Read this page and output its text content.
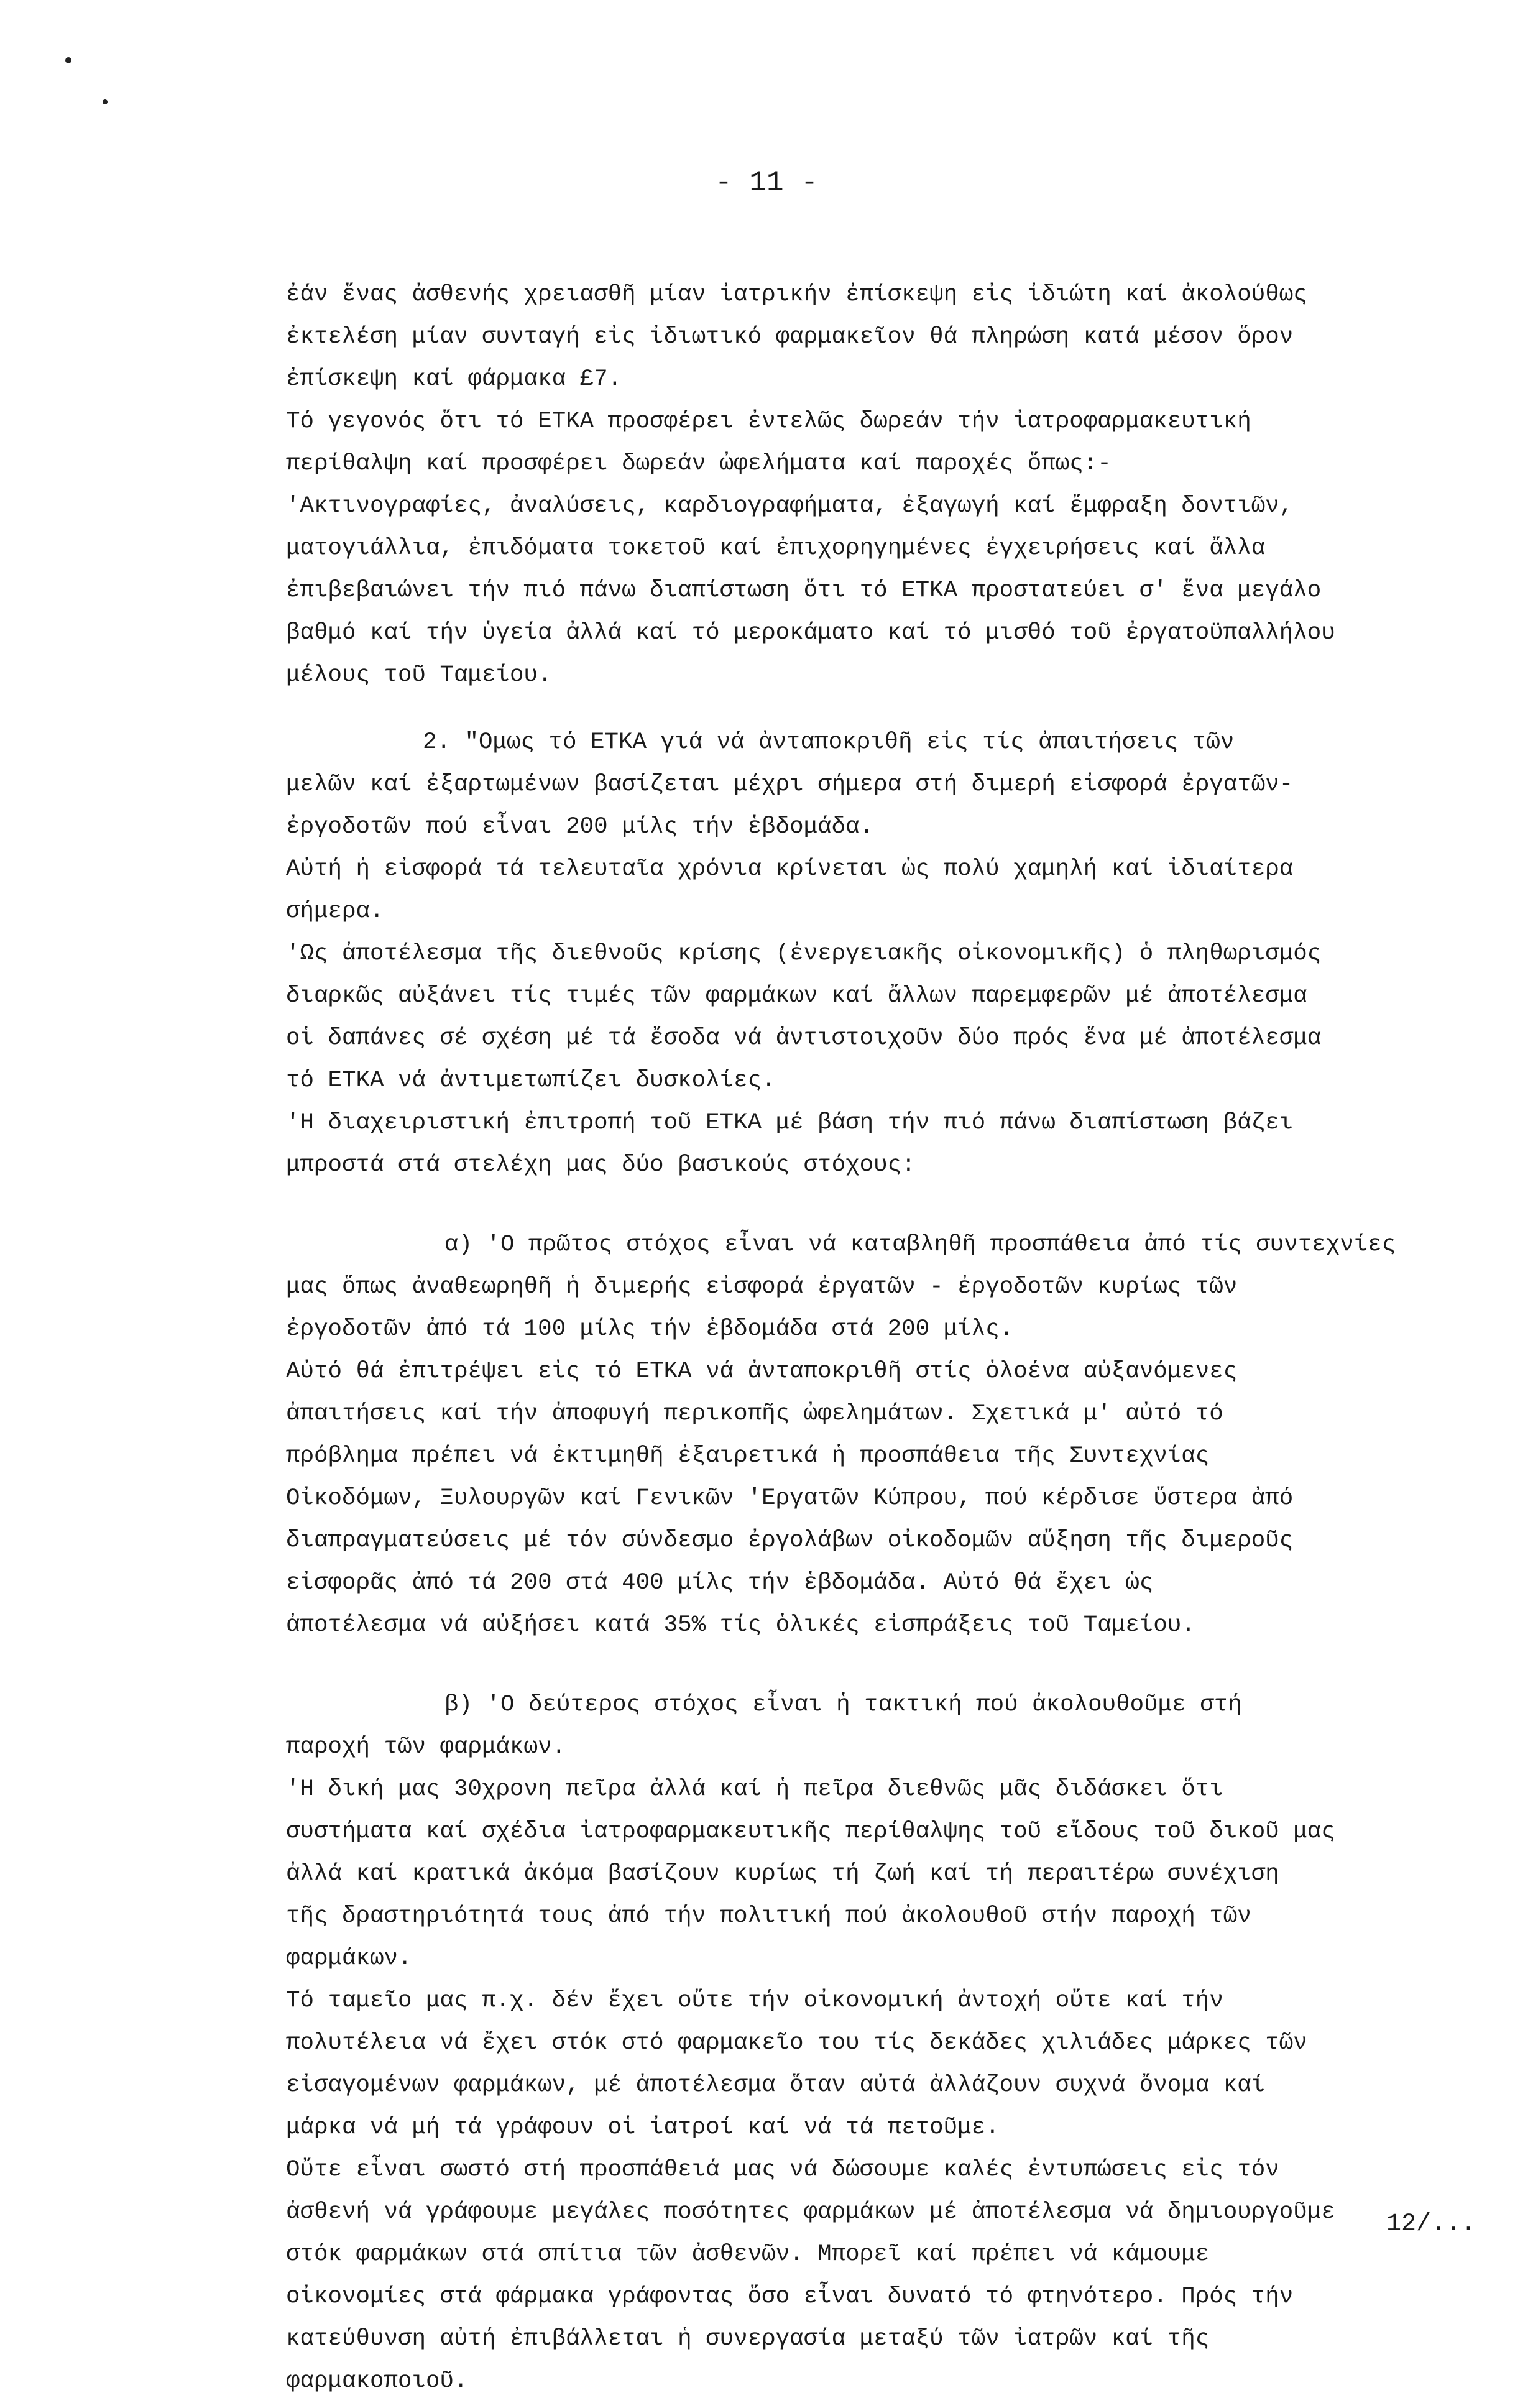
- 11 -
ἐάν ἕνας ἀσθενής χρειασθῆ μίαν ἰατρικήν ἐπίσκεψη εἰς ἰδιώτη καί ἀκολούθως
ἐκτελέση μίαν συνταγή εἰς ἰδιωτικό φαρμακεῖον θά πληρώση κατά μέσον ὅρον
ἐπίσκεψη καί φάρμακα £7.
Τό γεγονός ὅτι τό ΕΤΚΑ προσφέρει ἐντελῶς δωρεάν τήν ἰατροφαρμακευτική
περίθαλψη καί προσφέρει δωρεάν ὠφελήματα καί παροχές ὅπως:-
'Ακτινογραφίες, ἀναλύσεις, καρδιογραφήματα, ἐξαγωγή καί ἔμφραξη δοντιῶν,
ματογιάλλια, ἐπιδόματα τοκετοῦ καί ἐπιχορηγημένες ἐγχειρήσεις καί ἄλλα
ἐπιβεβαιώνει τήν πιό πάνω διαπίστωση ὅτι τό ΕΤΚΑ προστατεύει σ' ἕνα μεγάλο
βαθμό καί τήν ὑγεία ἀλλά καί τό μεροκάματο καί τό μισθό τοῦ ἐργατοϋπαλλήλου
μέλους τοῦ Ταμείου.
2. "Ομως τό ΕΤΚΑ γιά νά ἀνταποκριθῆ εἰς τίς ἀπαιτήσεις τῶν
μελῶν καί ἐξαρτωμένων βασίζεται μέχρι σήμερα στή διμερή εἰσφορά ἐργατῶν-
ἐργοδοτῶν πού εἶναι 200 μίλς τήν ἑβδομάδα.
Αὐτή ἡ εἰσφορά τά τελευταῖα χρόνια κρίνεται ὡς πολύ χαμηλή καί ἰδιαίτερα
σήμερα.
'Ως ἀποτέλεσμα τῆς διεθνοῦς κρίσης (ἐνεργειακῆς οἰκονομικῆς) ὁ πληθωρισμός
διαρκῶς αὐξάνει τίς τιμές τῶν φαρμάκων καί ἄλλων παρεμφερῶν μέ ἀποτέλεσμα
οἱ δαπάνες σέ σχέση μέ τά ἔσοδα νά ἀντιστοιχοῦν δύο πρός ἕνα μέ ἀποτέλεσμα
τό ΕΤΚΑ νά ἀντιμετωπίζει δυσκολίες.
'Η διαχειριστική ἐπιτροπή τοῦ ΕΤΚΑ μέ βάση τήν πιό πάνω διαπίστωση βάζει
μπροστά στά στελέχη μας δύο βασικούς στόχους:
α) 'Ο πρῶτος στόχος εἶναι νά καταβληθῆ προσπάθεια ἀπό τίς συντεχνίες
μας ὅπως ἀναθεωρηθῆ ἡ διμερής εἰσφορά ἐργατῶν - ἐργοδοτῶν κυρίως τῶν
ἐργοδοτῶν ἀπό τά 100 μίλς τήν ἑβδομάδα στά 200 μίλς.
Αὐτό θά ἐπιτρέψει εἰς τό ΕΤΚΑ νά ἀνταποκριθῆ στίς ὁλοένα αὐξανόμενες
ἀπαιτήσεις καί τήν ἀποφυγή περικοπῆς ὠφελημάτων. Σχετικά μ' αὐτό τό
πρόβλημα πρέπει νά ἐκτιμηθῆ ἐξαιρετικά ἡ προσπάθεια τῆς Συντεχνίας
Οἰκοδόμων, Ξυλουργῶν καί Γενικῶν 'Εργατῶν Κύπρου, πού κέρδισε ὕστερα ἀπό
διαπραγματεύσεις μέ τόν σύνδεσμο ἐργολάβων οἰκοδομῶν αὔξηση τῆς διμεροῦς
εἰσφορᾶς ἀπό τά 200 στά 400 μίλς τήν ἑβδομάδα. Αὐτό θά ἔχει ὡς
ἀποτέλεσμα νά αὐξήσει κατά 35% τίς ὁλικές εἰσπράξεις τοῦ Ταμείου.
β) 'Ο δεύτερος στόχος εἶναι ἡ τακτική πού ἀκολουθοῦμε στή
παροχή τῶν φαρμάκων.
'Η δική μας 30χρονη πεῖρα ἀλλά καί ἡ πεῖρα διεθνῶς μᾶς διδάσκει ὅτι
συστήματα καί σχέδια ἰατροφαρμακευτικῆς περίθαλψης τοῦ εἴδους τοῦ δικοῦ μας
ἀλλά καί κρατικά ἀκόμα βασίζουν κυρίως τή ζωή καί τή περαιτέρω συνέχιση
τῆς δραστηριότητά τους ἀπό τήν πολιτική πού ἀκολουθοῦ στήν παροχή τῶν
φαρμάκων.
Τό ταμεῖο μας π.χ. δέν ἔχει οὔτε τήν οἰκονομική ἀντοχή οὔτε καί τήν
πολυτέλεια νά ἔχει στόκ στό φαρμακεῖο του τίς δεκάδες χιλιάδες μάρκες τῶν
εἰσαγομένων φαρμάκων, μέ ἀποτέλεσμα ὅταν αὐτά ἀλλάζουν συχνά ὄνομα καί
μάρκα νά μή τά γράφουν οἱ ἰατροί καί νά τά πετοῦμε.
Οὔτε εἶναι σωστό στή προσπάθειά μας νά δώσουμε καλές ἐντυπώσεις εἰς τόν
ἀσθενή νά γράφουμε μεγάλες ποσότητες φαρμάκων μέ ἀποτέλεσμα νά δημιουργοῦμε
στόκ φαρμάκων στά σπίτια τῶν ἀσθενῶν. Μπορεῖ καί πρέπει νά κάμουμε
οἰκονομίες στά φάρμακα γράφοντας ὅσο εἶναι δυνατό τό φτηνότερο. Πρός τήν
κατεύθυνση αὐτή ἐπιβάλλεται ἡ συνεργασία μεταξύ τῶν ἰατρῶν καί τῆς
φαρμακοποιοῦ.
12/...
